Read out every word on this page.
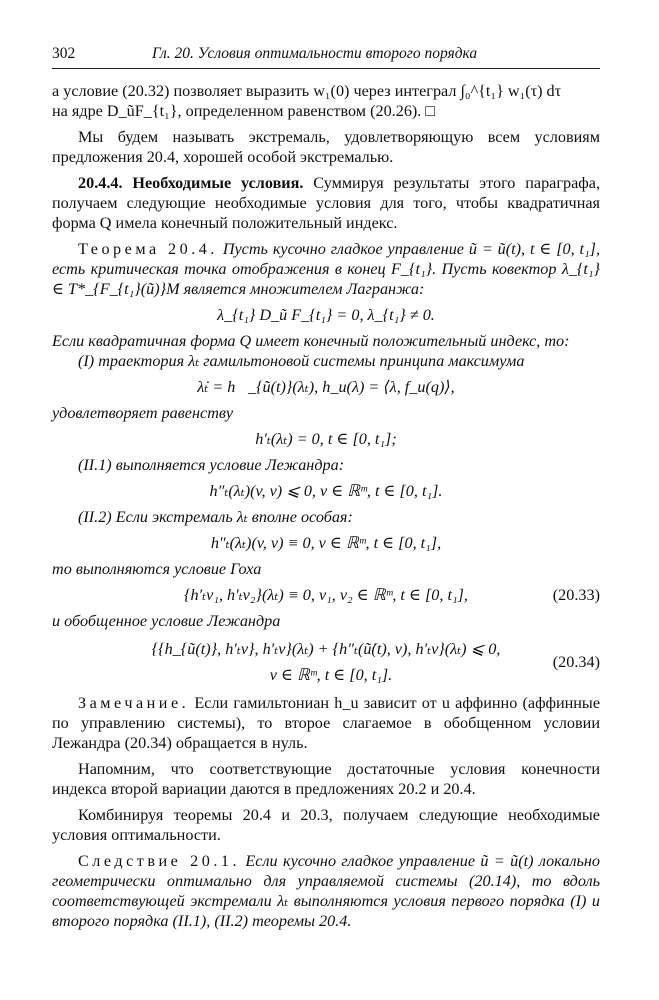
302	Гл. 20. Условия оптимальности второго порядка

а условие (20.32) позволяет выразить w₁(0) через интеграл ∫₀^{t₁} w₁(τ) dτ

на ядре D_ũF_{t₁}, определенном равенством (20.26). □

Мы будем называть экстремаль, удовлетворяющую всем условиям предложения 20.4, хорошей особой экстремалью.

20.4.4. Необходимые условия. Суммируя результаты этого параграфа, получаем следующие необходимые условия для того, чтобы квадратичная форма Q имела конечный положительный индекс.

Теорема 20.4. Пусть кусочно гладкое управление ũ = ũ(t), t ∈ [0, t₁], есть критическая точка отображения в конец F_{t₁}. Пусть ковектор λ_{t₁} ∈ T*_{F_{t₁}(ũ)}M является множителем Лагранжа:

λ_{t₁} D_ũ F_{t₁} = 0, λ_{t₁} ≠ 0.

Если квадратичная форма Q имеет конечный положительный индекс, то:

(I) траектория λₜ гамильтоновой системы принципа максимума

λ̇ₜ = h⃗_{ũ(t)}(λₜ), h_u(λ) = ⟨λ, f_u(q)⟩,

удовлетворяет равенству

h′ₜ(λₜ) = 0, t ∈ [0, t₁];

(II.1) выполняется условие Лежандра:

h″ₜ(λₜ)(v, v) ⩽ 0, v ∈ ℝᵐ, t ∈ [0, t₁].

(II.2) Если экстремаль λₜ вполне особая:

h″ₜ(λₜ)(v, v) ≡ 0, v ∈ ℝᵐ, t ∈ [0, t₁],

то выполняются условие Гоха

{h′ₜv₁, h′ₜv₂}(λₜ) ≡ 0, v₁, v₂ ∈ ℝᵐ, t ∈ [0, t₁],	(20.33)

и обобщенное условие Лежандра

{{h_{ũ(t)}, h′ₜv}, h′ₜv}(λₜ) + {h″ₜ(ũ̇(t), v), h′ₜv}(λₜ) ⩽ 0,
v ∈ ℝᵐ, t ∈ [0, t₁].
(20.34)

Замечание. Если гамильтониан h_u зависит от u аффинно (аффинные по управлению системы), то второе слагаемое в обобщенном условии Лежандра (20.34) обращается в нуль.

Напомним, что соответствующие достаточные условия конечности индекса второй вариации даются в предложениях 20.2 и 20.4.

Комбинируя теоремы 20.4 и 20.3, получаем следующие необходимые условия оптимальности.

Следствие 20.1. Если кусочно гладкое управление ũ = ũ(t) локально геометрически оптимально для управляемой системы (20.14), то вдоль соответствующей экстремали λₜ выполняются условия первого порядка (I) и второго порядка (II.1), (II.2) теоремы 20.4.
